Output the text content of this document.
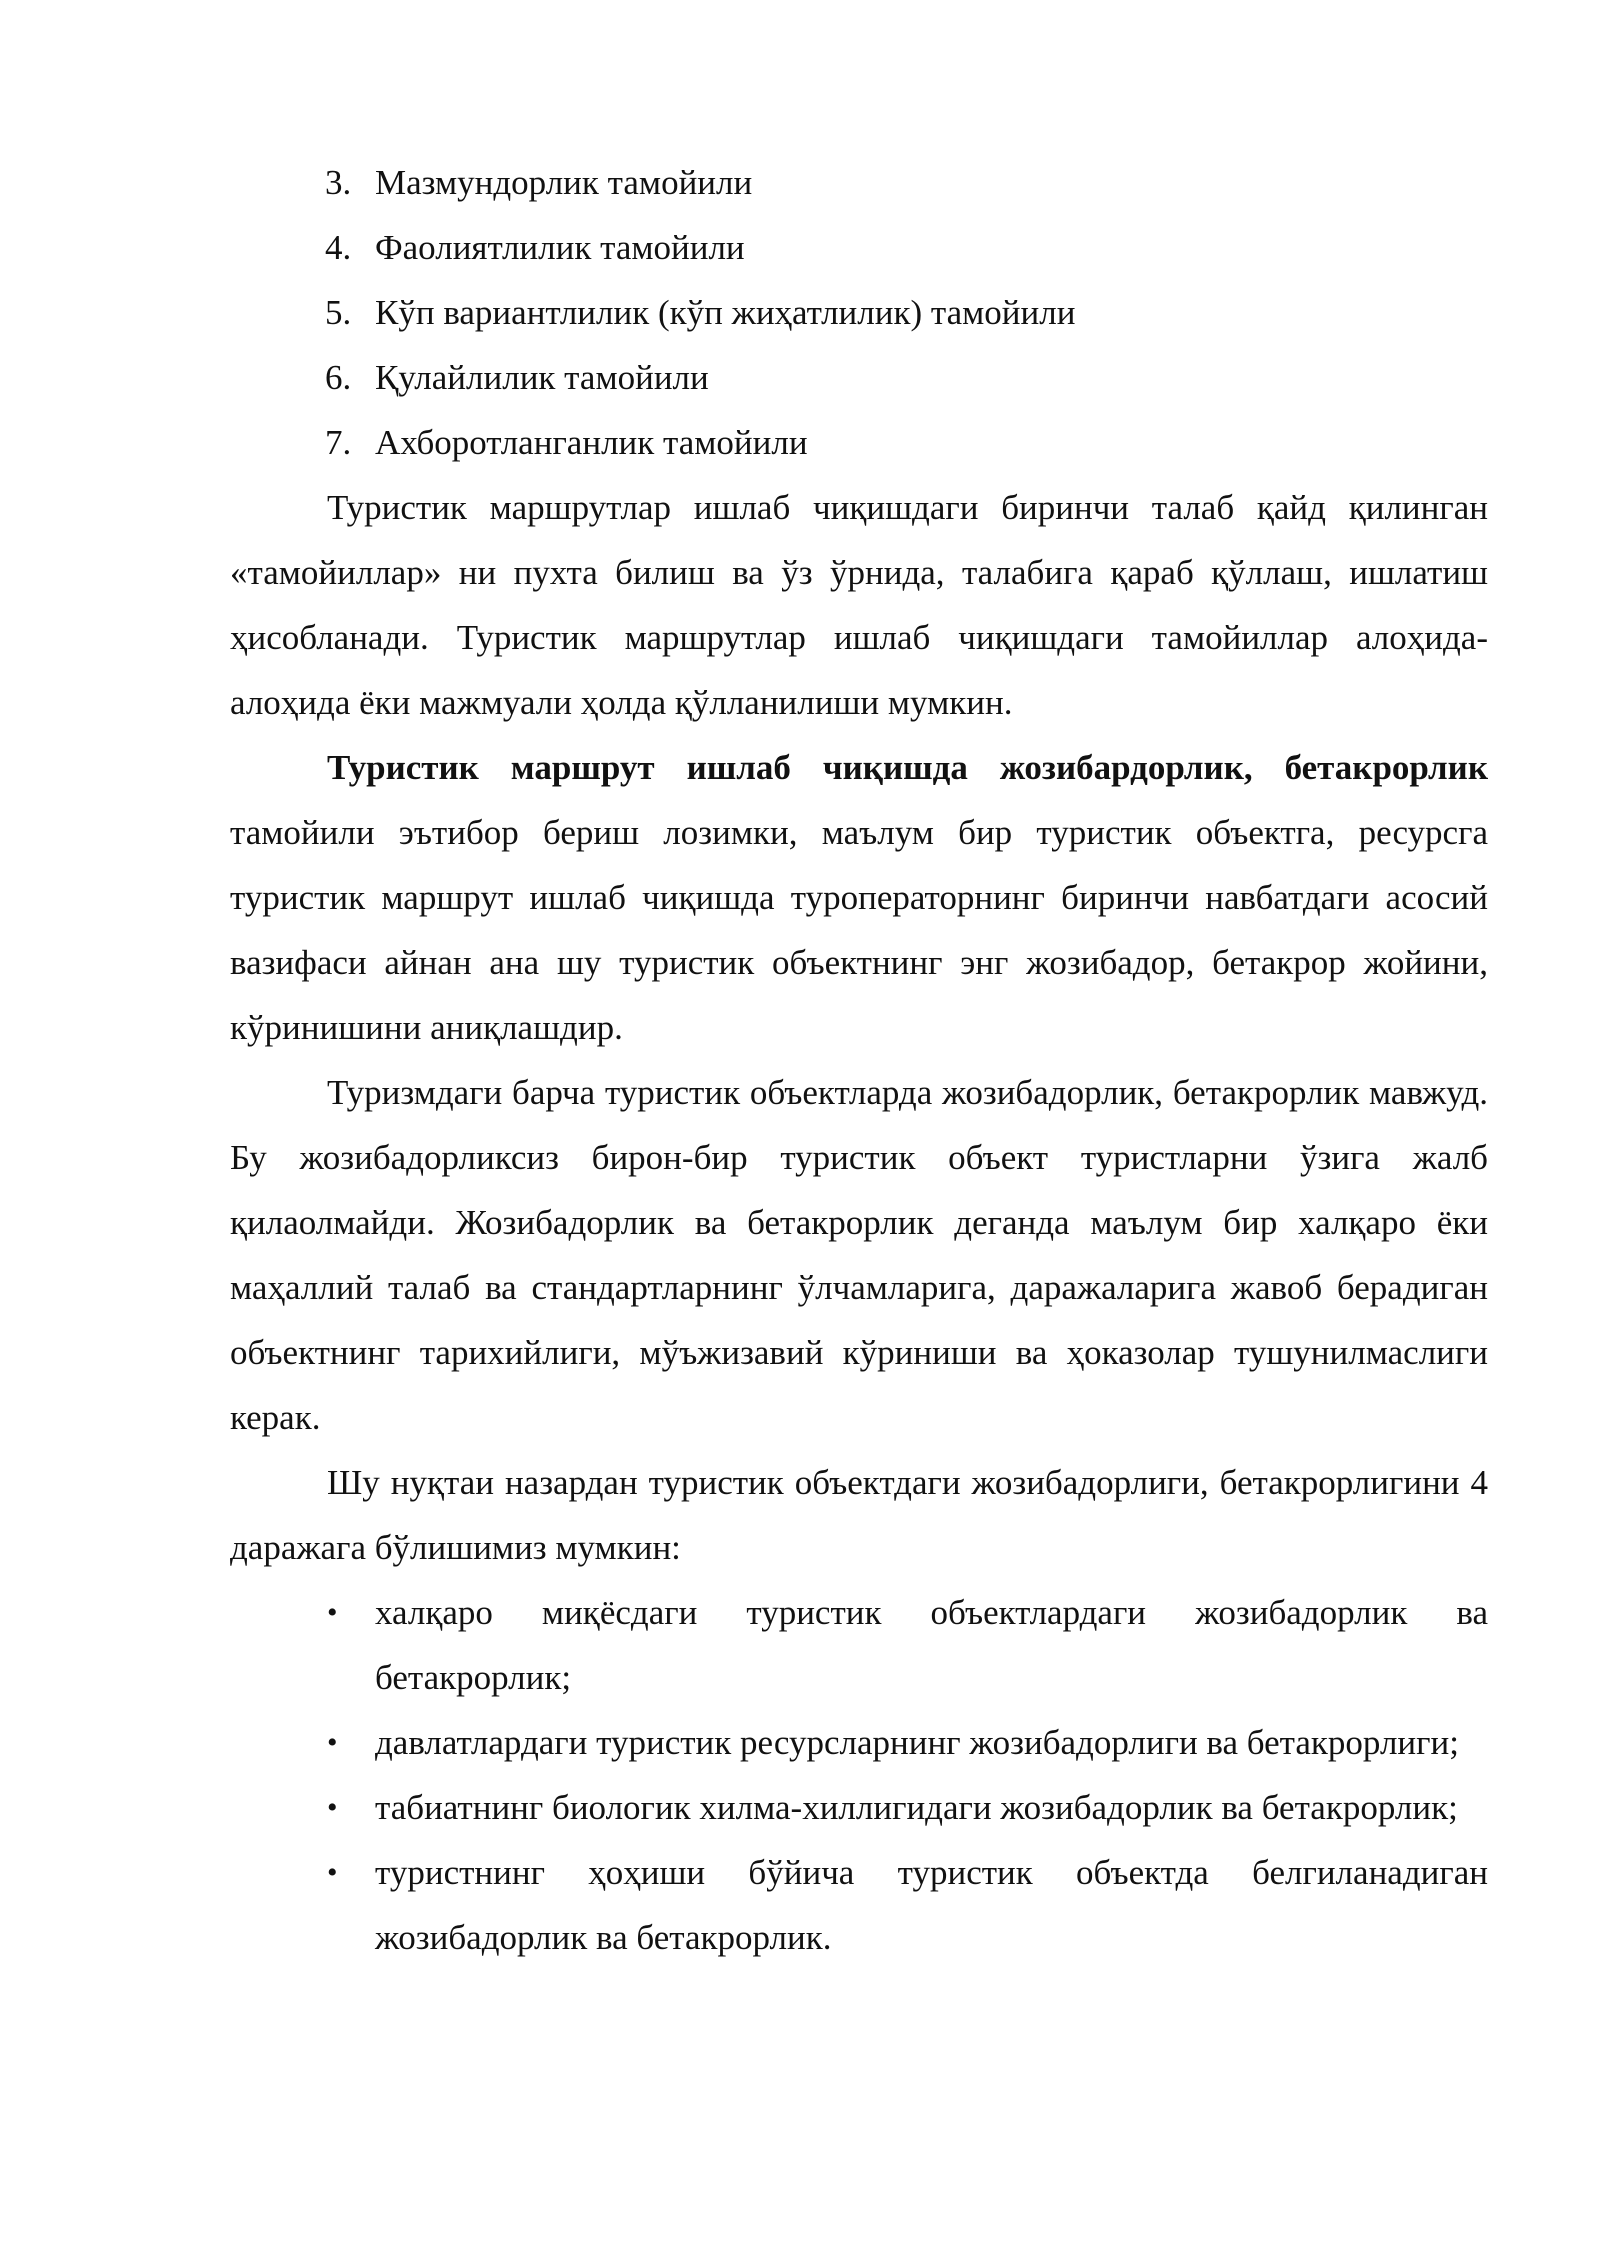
3. Мазмундорлик тамойили
4. Фаолиятлилик тамойили
5. Кўп вариантлилик (кўп жиҳатлилик) тамойили
6. Қулайлилик тамойили
7. Ахборотланганлик тамойили

Туристик маршрутлар ишлаб чиқишдаги биринчи талаб қайд қилинган «тамойиллар» ни пухта билиш ва ўз ўрнида, талабига қараб қўллаш, ишлатиш ҳисобланади. Туристик маршрутлар ишлаб чиқишдаги тамойиллар алоҳида-алоҳида ёки мажмуали ҳолда қўлланилиши мумкин.

Туристик маршрут ишлаб чиқишда жозибардорлик, бетакрорлик тамойили эътибор бериш лозимки, маълум бир туристик объектга, ресурсга туристик маршрут ишлаб чиқишда туроператорнинг биринчи навбатдаги асосий вазифаси айнан ана шу туристик объектнинг энг жозибадор, бетакрор жойини, кўринишини аниқлашдир.

Туризмдаги барча туристик объектларда жозибадорлик, бетакрорлик мавжуд. Бу жозибадорликсиз бирон-бир туристик объект туристларни ўзига жалб қилаолмайди. Жозибадорлик ва бетакрорлик деганда маълум бир халқаро ёки маҳаллий талаб ва стандартларнинг ўлчамларига, даражаларига жавоб берадиган объектнинг тарихийлиги, мўъжизавий кўриниши ва ҳоказолар тушунилмаслиги керак.

Шу нуқтаи назардан туристик объектдаги жозибадорлиги, бетакрорлигини 4 даражага бўлишимиз мумкин:

• халқаро миқёсдаги туристик объектлардаги жозибадорлик ва бетакрорлик;
• давлатлардаги туристик ресурсларнинг жозибадорлиги ва бетакрорлиги;
• табиатнинг биологик хилма-хиллигидаги жозибадорлик ва бетакрорлик;
• туристнинг ҳоҳиши бўйича туристик объектда белгиланадиган жозибадорлик ва бетакрорлик.
